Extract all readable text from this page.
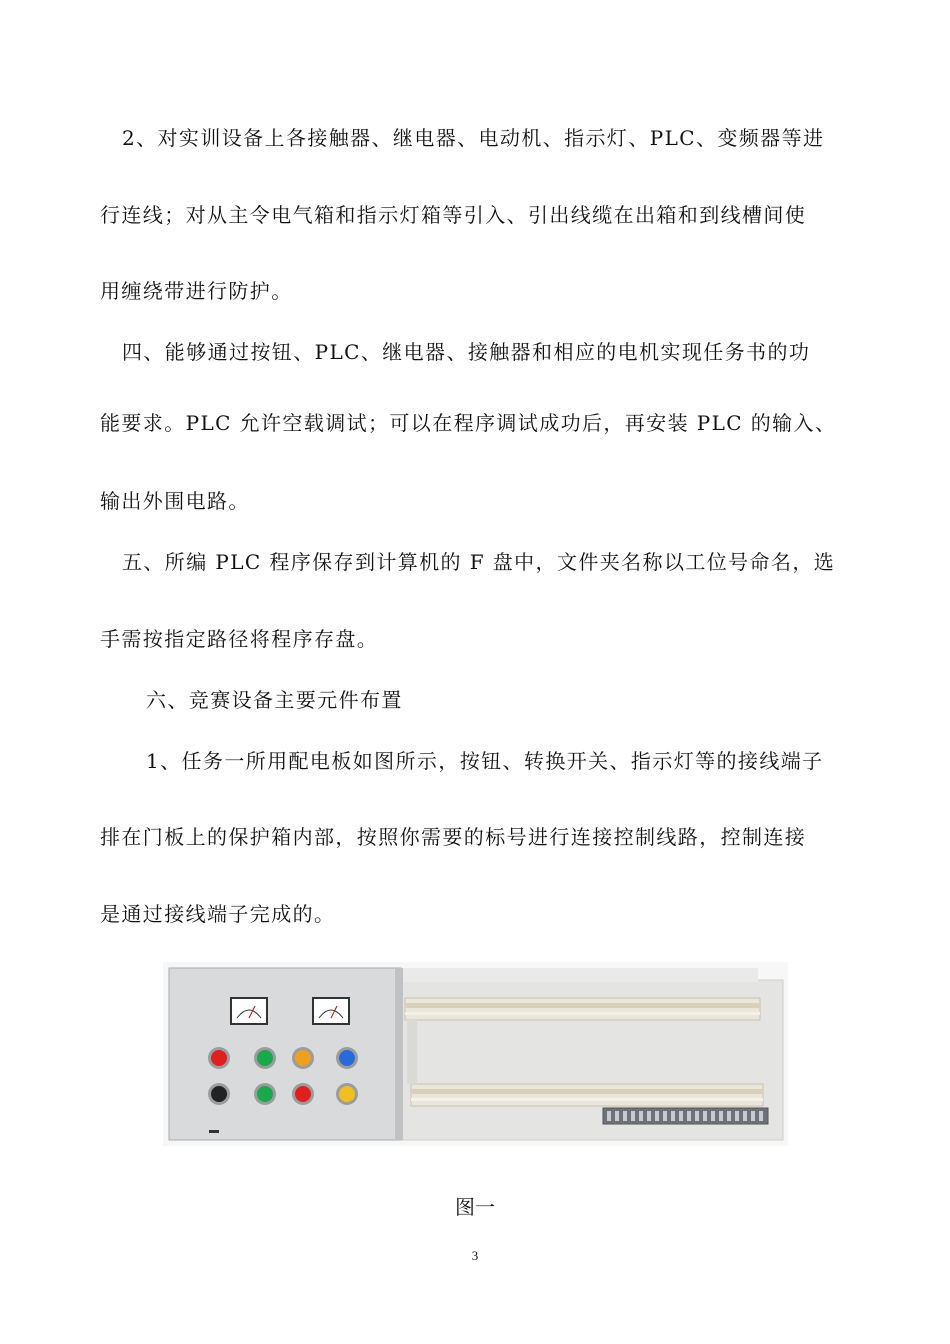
2、对实训设备上各接触器、继电器、电动机、指示灯、PLC、变频器等进

行连线；对从主令电气箱和指示灯箱等引入、引出线缆在出箱和到线槽间使

用缠绕带进行防护。

四、能够通过按钮、PLC、继电器、接触器和相应的电机实现任务书的功

能要求。PLC 允许空载调试；可以在程序调试成功后，再安装 PLC 的输入、

输出外围电路。

五、所编 PLC 程序保存到计算机的 F 盘中，文件夹名称以工位号命名，选

手需按指定路径将程序存盘。

六、竞赛设备主要元件布置

1、任务一所用配电板如图所示，按钮、转换开关、指示灯等的接线端子

排在门板上的保护箱内部，按照你需要的标号进行连接控制线路，控制连接

是通过接线端子完成的。

图一
3
